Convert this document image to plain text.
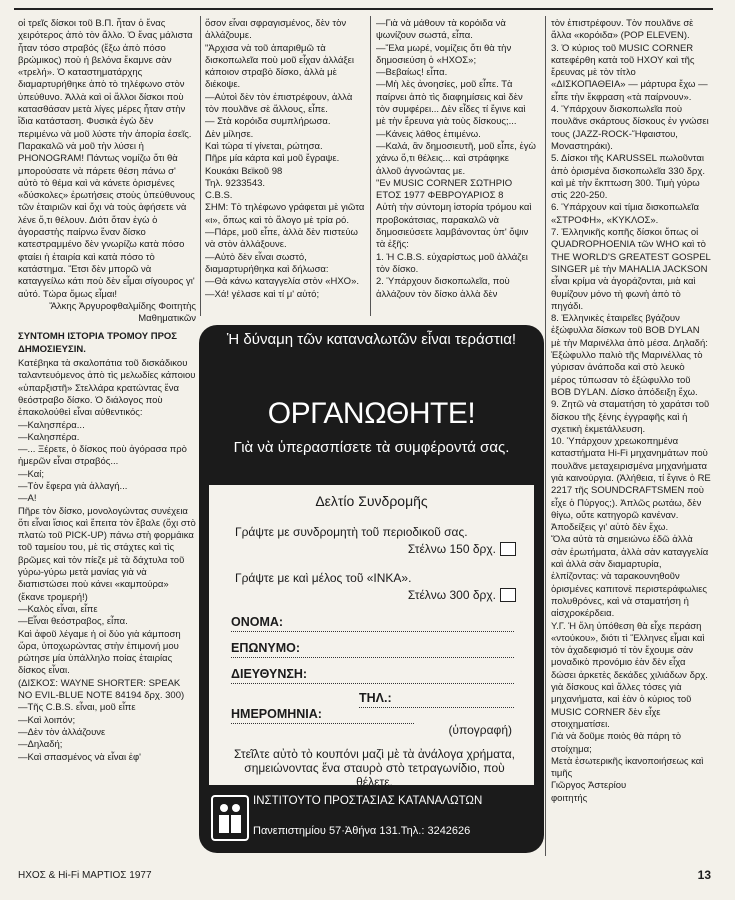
οἱ τρεῖς δίσκοι τοῦ Β.Π. ἦταν ὁ ἕνας χειρότερος ἀπὸ τὸν ἄλλο. Ὁ ἕνας μάλιστα ἦταν τόσο στραβός (ἔξω ἀπὸ πόσο βρώμικος) ποὺ ἡ βελόνα ἔκαμνε σὰν «τρελή». Ὁ καταστηματάρχης διαμαρτυρήθηκε ἀπὸ τὸ τηλέφωνο στὸν ὑπεύθυνο. Ἀλλὰ καὶ οἱ ἄλλοι δίσκοι ποὺ κατασθάσαν μετὰ λίγες μέρες ἦταν στὴν ἴδια κατάσταση. Φυσικὰ ἐγὼ δὲν περιμένω νὰ μοῦ λύστε τὴν ἀπορία ἐσεῖς. Παρακαλῶ νὰ μοῦ τὴν λύσει ἡ PHONOGRAM! Πάντως νομίζω ὅτι θὰ μπορούσατε νὰ πάρετε θέση πάνω σ' αὐτὸ τὸ θέμα καὶ νὰ κάνετε ὁρισμένες «δύσκολες» ἐρωτήσεις στοὺς ὑπεύθυνους τῶν ἑταιριῶν καὶ ὄχι νὰ τοὺς ἀφήσετε νὰ λένε ὅ,τι θέλουν. Διότι ὅταν ἐγὼ ὁ ἀγοραστὴς παίρνω ἕναν δίσκο κατεστραμμένο δὲν γνωρίζω κατὰ πόσο φταίει ἡ ἑταιρία καὶ κατὰ πόσο τὸ κατάστημα. Ἔτσι δὲν μπορῶ νὰ καταγγείλω κάτι ποὺ δὲν εἶμαι σίγουρος γι' αὐτό. Τώρα ὅμως εἶμαι!

Ἄλκης Ἀργυροφθαλμίδης Φοιτητὴς Μαθηματικῶν

ΣΥΝΤΟΜΗ ΙΣΤΟΡΙΑ ΤΡΟΜΟΥ ΠΡΟΣ ΔΗΜΟΣΙΕΥΣΙΝ.

Κατέβηκα τὰ σκαλοπάτια τοῦ δισκάδικου ταλαντευόμενος ἀπὸ τὶς μελωδίες κάποιου «ὑπαρξιστῆ» Στελλάρα κρατώντας ἕνα θεόστραβο δίσκο. Ὁ διάλογος ποὺ ἐπακολούθεὶ εἶναι αὐθεντικός:
—Καλησπέρα...
—Καλησπέρα.
—... Ξέρετε, ὁ δίσκος ποὺ ἀγόρασα πρὸ ἡμερῶν εἶναι στραβός...
—Καί;
—Τὸν ἔφερα γιὰ ἀλλαγή...
—Α!
Πῆρε τὸν δίσκο, μονολογώντας συνέχεια ὅτι εἶναι ἴσιος καὶ ἔπειτα τὸν ἔβαλε (ὄχι στὸ πλατὼ τοῦ PICK-UP) πάνω στὴ φορμάικα τοῦ ταμείου του, μὲ τὶς στάχτες καὶ τὶς βρῶμες καὶ τὸν πίεζε μὲ τὰ δάχτυλα τοῦ γύρω-γύρω μετὰ μανίας γιὰ νὰ διαπιστώσει ποὺ κάνει «καμπούρα» (ἔκανε τρομερή!)
—Καλὸς εἶναι, εἶπε
—Εἶναι θεόστραβος, εἶπα.
Καὶ ἀφοῦ λέγαμε ἡ οἱ δύο γιὰ κάμποση ὥρα, ὑποχωρώντας στὴν ἐπιμονή μου ρώτησε μία ὑπάλληλο ποίας ἑταιρίας δίσκος εἶναι.
(ΔΙΣΚΟΣ: WAYNE SHORTER: SPEAK NO EVIL-BLUE NOTE 84194 δρχ. 300)
—Τῆς C.B.S. εἶναι, μοῦ εἶπε
—Καὶ λοιπόν;
—Δὲν τὸν ἀλλάζουνε
—Δηλαδή;
—Καὶ σπασμένος νὰ εἶναι ἐφ'

ὅσον εἶναι σφραγισμένος, δὲν τὸν ἀλλάζουμε.
"Ἀρχισα νὰ τοῦ ἀπαριθμῶ τὰ δισκοπωλεῖα ποὺ μοῦ εἶχαν ἀλλάξει κάποιον στραβὸ δίσκο, ἀλλὰ μὲ διέκοψε.
—Αὐτοὶ δὲν τὸν ἐπιστρέφουν, ἀλλὰ τὸν πουλᾶνε σὲ ἄλλους, εἶπε.
— Στὰ κορόιδα συμπλήρωσα.
Δὲν μίλησε.
Καὶ τώρα τί γίνεται, ρώτησα.
Πῆρε μία κάρτα καὶ μοῦ ἔγραψε.
Κουκάκι Βεϊκοῦ 98
Τηλ. 9233543.
C.B.S.
ΣΗΜ: Τὸ τηλέφωνο γράφεται μὲ γιῶτα «ι», ὅπως καὶ τὸ ἄλογο μὲ τρία ρό.
—Πάρε, μοῦ εἶπε, ἀλλὰ δὲν πιστεύω νὰ στὸν ἀλλάξουνε.
—Αὐτὸ δὲν εἶναι σωστό, διαμαρτυρήθηκα καὶ δήλωσα:
—Θὰ κάνω καταγγελία στὸν «ΗΧΟ».
—Χά! γέλασε καὶ τί μ' αὐτό;

—Γιὰ νὰ μάθουν τὰ κορόιδα νὰ ψωνίζουν σωστά, εἶπα.
—Ἔλα μωρέ, νομίζεις ὅτι θὰ τὴν δημοσιεύση ὁ «ΗΧΟΣ»;
—Βεβαίως! εἶπα.
—Μὴ λὲς ἀνοησίες, μοῦ εἶπε. Τὰ παίρνει ἀπὸ τὶς διαφημίσεις καὶ δὲν τὸν συμφέρει... Δὲν εἶδες τί ἔγινε καὶ μὲ τὴν ἔρευνα γιὰ τοὺς δίσκους;...
—Κάνεις λάθος ἐπιμένω.
—Καλά, ἂν δημοσιευτῆ, μοῦ εἶπε, ἐγὼ χάνω ὅ,τι θέλεις... καὶ στράφηκε ἀλλοῦ ἀγνοώντας με.
"Εν MUSIC CORNER ΣΩΤΗΡΙΟ ΕΤΟΣ 1977 ΦΕΒΡΟΥΑΡΙΟΣ 8
Αὐτὴ τὴν σύντομη ἱστορία τρόμου καὶ προβοκάτσιας, παρακαλῶ νὰ δημοσιεύσετε λαμβάνοντας ὑπ' ὄψιν τὰ ἑξῆς:
1. Ἡ C.B.S. εὐχαρίστως μοῦ ἀλλάζει τὸν δίσκο.
2. Ὑπάρχουν δισκοπωλεῖα, ποὺ ἀλλάζουν τὸν δίσκο ἀλλὰ δὲν

τὸν ἐπιστρέφουν. Τὸν πουλᾶνε σὲ ἄλλα «κορόιδα» (POP ELEVEN).
3. Ὁ κύριος τοῦ MUSIC CORNER κατεφέρθη κατὰ τοῦ ΗΧΟΥ καὶ τῆς ἔρευνας μὲ τὸν τίτλο «ΔΙΣΚΟΠΑΘΕΙΑ» — μάρτυρα ἔχω — εἶπε τὴν ἔκφραση «τὰ παίρνουν».
4. Ὑπάρχουν δισκοπωλεῖα ποὺ πουλᾶνε σκάρτους δίσκους ἐν γνώσει τους (JAZZ-ROCK-Ἥφαιστου, Μοναστηράκι).
5. Δίσκοι τῆς KARUSSEL πωλοῦνται ἀπὸ ὁρισμένα δισκοπωλεῖα 330 δρχ. καὶ μὲ τὴν ἔκπτωση 300. Τιμὴ γύρω στὶς 220-250.
6. Ὑπάρχουν καὶ τίμια δισκοπωλεῖα «ΣΤΡΟΦΗ», «ΚΥΚΛΟΣ».
7. Ἑλληνικῆς κοπῆς δίσκοι ὅπως οἱ QUADROPHOENIA τῶν WHO καὶ τὸ THE WORLD'S GREATEST GOSPEL SINGER μὲ τὴν MAHALIA JACKSON εἶναι κρίμα νὰ ἀγοράζονται, μιὰ καὶ θυμίζουν μόνο τὴ φωνὴ ἀπὸ τὸ πηγάδι.
8. Ἑλληνικὲς ἑταιρεῖες βγάζουν ἐξώφυλλα δίσκων τοῦ BOB DYLAN μὲ τὴν Μαρινέλλα ἀπὸ μέσα. Δηλαδή: Ἐξώφυλλο παλιὸ τῆς Μαρινέλλας τὸ γύρισαν ἀνάποδα καὶ στὸ λευκὸ μέρος τύπωσαν τὸ ἐξώφυλλο τοῦ BOB DYLAN. Δίσκο ἀπόδειξη ἔχω.
9. Ζητῶ νὰ σταματήση τὸ χαράτσι τοῦ δίσκου τῆς ξένης ἐγγραφῆς καὶ ἡ σχετικὴ ἐκμετάλλευση.
10. Ὑπάρχουν χρεωκοπημένα καταστήματα Hi-Fi μηχανημάτων ποὺ πουλᾶνε μεταχειρισμένα μηχανήματα γιὰ καινούργια. (Ἀλήθεια, τί ἔγινε ὁ RE 2217 τῆς SOUNDCRAFTSMEN ποὺ εἶχε ὁ Πύργος;). Ἁπλῶς ρωτάω, δὲν θίγω, οὔτε κατηγορῶ κανέναν. Ἀποδείξεις γι' αὐτὸ δὲν ἔχω.
Ὅλα αὐτὰ τὰ σημειώνω ἐδῶ ἀλλὰ σὰν ἐρωτήματα, ἀλλὰ σὰν καταγγελία καὶ ἀλλὰ σὰν διαμαρτυρία, ἐλπίζοντας: νὰ ταρακουνηθοῦν ὁρισμένες καπιτονὲ περιστεράφωλιες πολυθρόνες, καὶ νὰ σταματήση ἡ αἰσχροκέρδεια.
Υ.Γ. Ἡ ὅλη ὑπόθεση θὰ εἶχε περάση «ντούκου», διότι τὶ Ἕλληνες εἶμαι καὶ τὸν ἀχαδεφισμό τί τὸν ἔχουμε σὰν μοναδικὸ προνόμιο ἐὰν δὲν εἶχα δώσει ἀρκετὲς δεκάδες χιλιάδων δρχ. γιὰ δίσκους καὶ ἄλλες τόσες γιὰ μηχανήματα, καὶ ἐὰν ὁ κύριος τοῦ MUSIC CORNER δὲν εἶχε στοιχηματίσει.
Γιὰ νὰ δοῦμε ποιὸς θὰ πάρη τὸ στοίχημα;
Μετὰ ἐσωτερικῆς ἱκανοποιήσεως καὶ τιμῆς
Γιῶργος Ἀστερίου
φοιτητής

Ἡ δύναμη τῶν καταναλωτῶν εἶναι τεράστια!
ΟΡΓΑΝΩΘΗΤΕ!
Γιὰ νὰ ὑπερασπίσετε τὰ συμφέροντά σας.
Δελτίο Συνδρομῆς
Γράψτε με συνδρομητὴ τοῦ περιοδικοῦ σας.
Στέλνω 150 δρχ.
Γράψτε με καὶ μέλος τοῦ «ΙΝΚΑ».
Στέλνω 300 δρχ.
ΟΝΟΜΑ:
ΕΠΩΝΥΜΟ:
ΔΙΕΥΘΥΝΣΗ:
ΤΗΛ.:
ΗΜΕΡΟΜΗΝΙΑ:
(ὑπογραφή)
Στεῖλτε αὐτὸ τὸ κουπόνι μαζὶ μὲ τὰ ἀνάλογα χρήματα, σημειώνοντας ἕνα σταυρὸ στὸ τετραγωνίδιο, ποὺ θέλετε.
ΙΝΣΤΙΤΟΥΤΟ ΠΡΟΣΤΑΣΙΑΣ ΚΑΤΑΝΑΛΩΤΩΝ
Πανεπιστημίου 57·Ἀθήνα 131.Τηλ.: 3242626
ΗΧΟΣ & Hi-Fi ΜΑΡΤΙΟΣ 1977	13
